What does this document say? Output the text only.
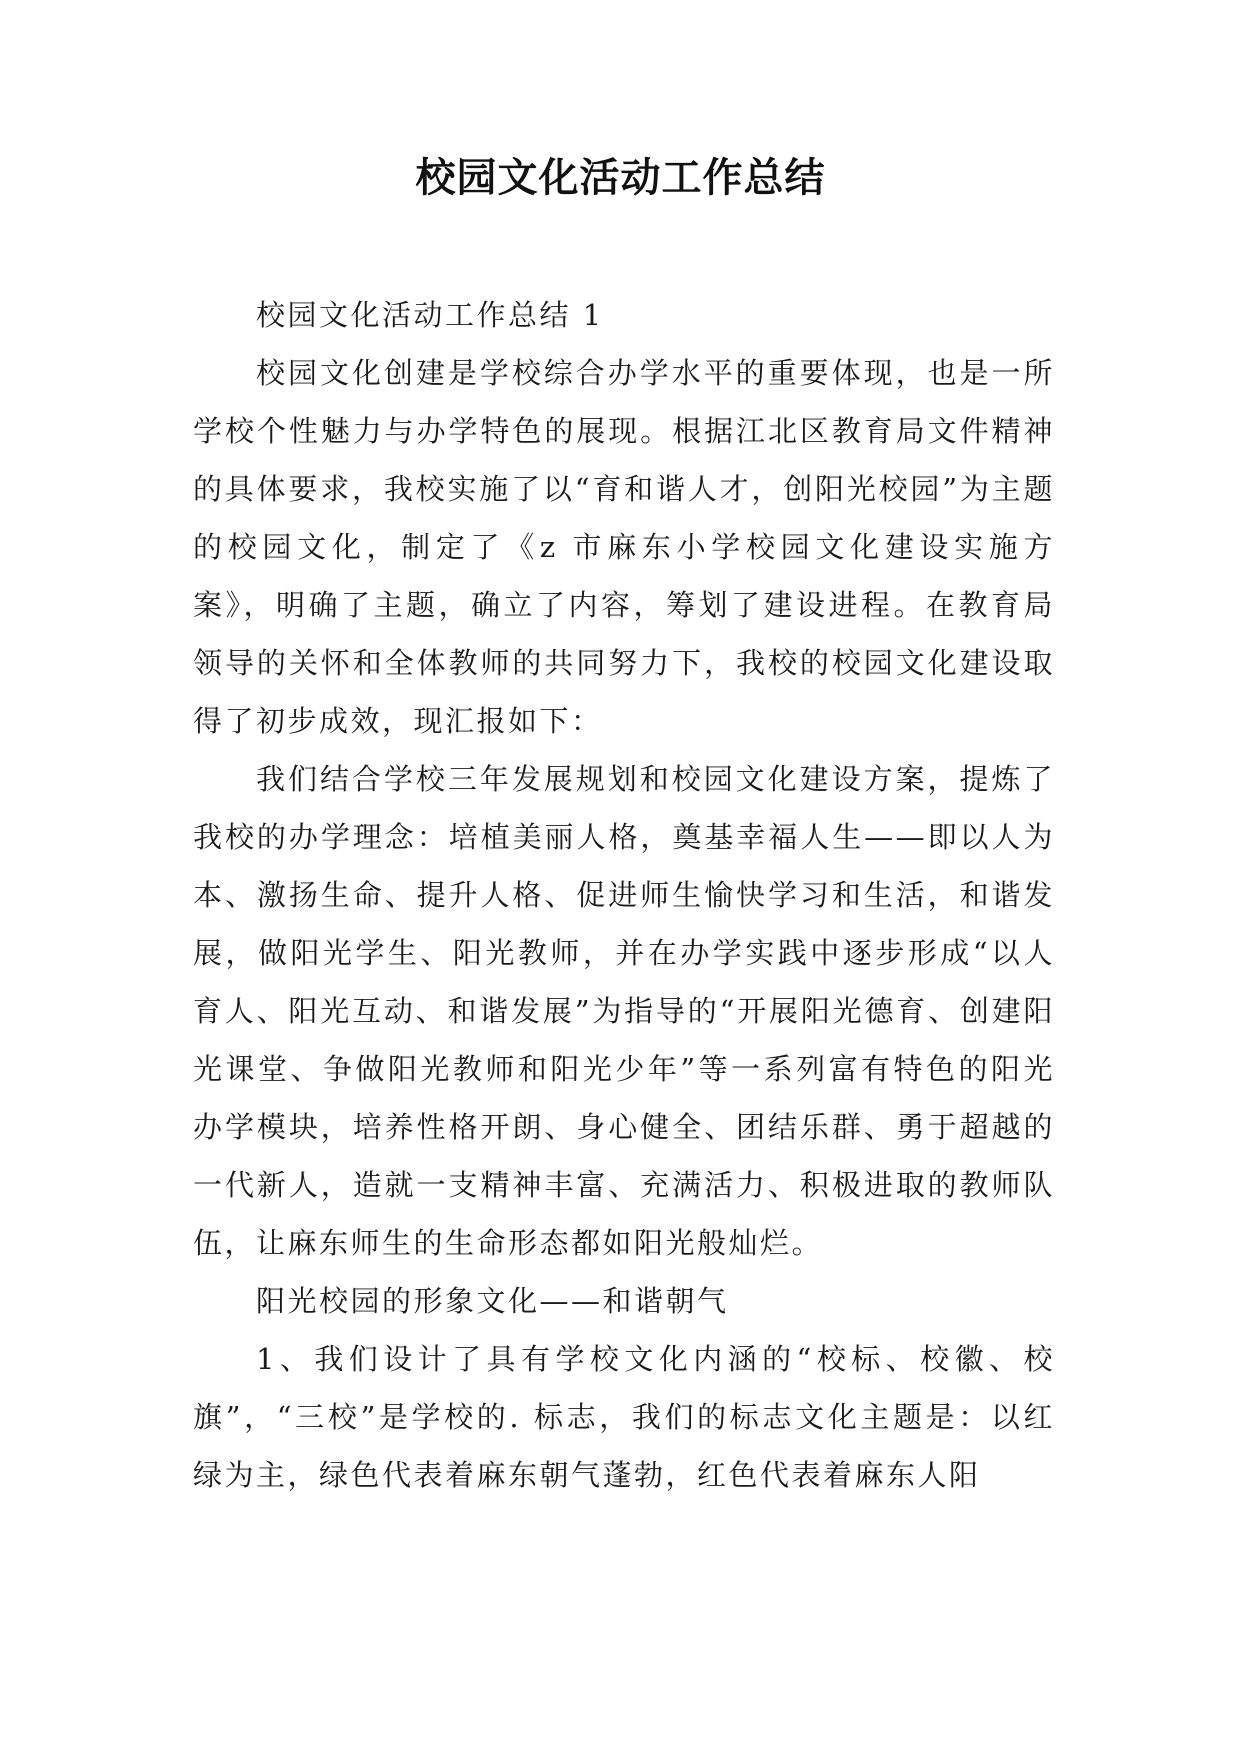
校园文化活动工作总结

校园文化活动工作总结 1

校园文化创建是学校综合办学水平的重要体现，也是一所学校个性魅力与办学特色的展现。根据江北区教育局文件精神的具体要求，我校实施了以“育和谐人才，创阳光校园”为主题的校园文化，制定了《z 市麻东小学校园文化建设实施方案》，明确了主题，确立了内容，筹划了建设进程。在教育局领导的关怀和全体教师的共同努力下，我校的校园文化建设取得了初步成效，现汇报如下：

我们结合学校三年发展规划和校园文化建设方案，提炼了我校的办学理念：培植美丽人格，奠基幸福人生——即以人为本、激扬生命、提升人格、促进师生愉快学习和生活，和谐发展，做阳光学生、阳光教师，并在办学实践中逐步形成“以人育人、阳光互动、和谐发展”为指导的“开展阳光德育、创建阳光课堂、争做阳光教师和阳光少年”等一系列富有特色的阳光办学模块，培养性格开朗、身心健全、团结乐群、勇于超越的一代新人，造就一支精神丰富、充满活力、积极进取的教师队伍，让麻东师生的生命形态都如阳光般灿烂。

阳光校园的形象文化——和谐朝气

1、我们设计了具有学校文化内涵的“校标、校徽、校旗”，“三校”是学校的. 标志，我们的标志文化主题是：以红绿为主，绿色代表着麻东朝气蓬勃，红色代表着麻东人阳
